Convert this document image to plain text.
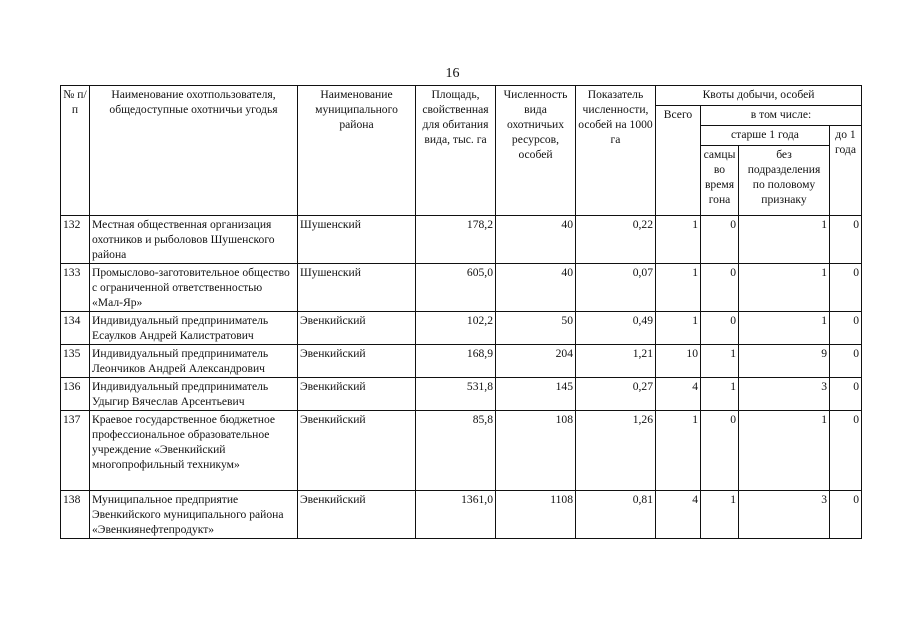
16
№ п/п	Наименование охотпользователя, общедоступные охотничьи угодья	Наименование муниципального района	Площадь, свойственная для обитания вида, тыс. га	Численность вида охотничьих ресурсов, особей	Показатель численности, особей на 1000 га	Квоты добычи, особей			
						Всего	в том числе:		
							старше 1 года		до 1 года
							самцы во время гона	без подразделения по половому признаку	
132	Местная общественная организация охотников и рыболовов Шушенского района	Шушенский	178,2	40	0,22	1	0	1	0
133	Промыслово-заготовительное общество с ограниченной ответственностью «Мал-Яр»	Шушенский	605,0	40	0,07	1	0	1	0
134	Индивидуальный предприниматель Есаулков Андрей Калистратович	Эвенкийский	102,2	50	0,49	1	0	1	0
135	Индивидуальный предприниматель Леончиков Андрей Александрович	Эвенкийский	168,9	204	1,21	10	1	9	0
136	Индивидуальный предприниматель Удыгир Вячеслав Арсентьевич	Эвенкийский	531,8	145	0,27	4	1	3	0
137	Краевое государственное бюджетное профессиональное образовательное учреждение «Эвенкийский многопрофильный техникум»	Эвенкийский	85,8	108	1,26	1	0	1	0
138	Муниципальное предприятие Эвенкийского муниципального района «Эвенкиянефтепродукт»	Эвенкийский	1361,0	1108	0,81	4	1	3	0
